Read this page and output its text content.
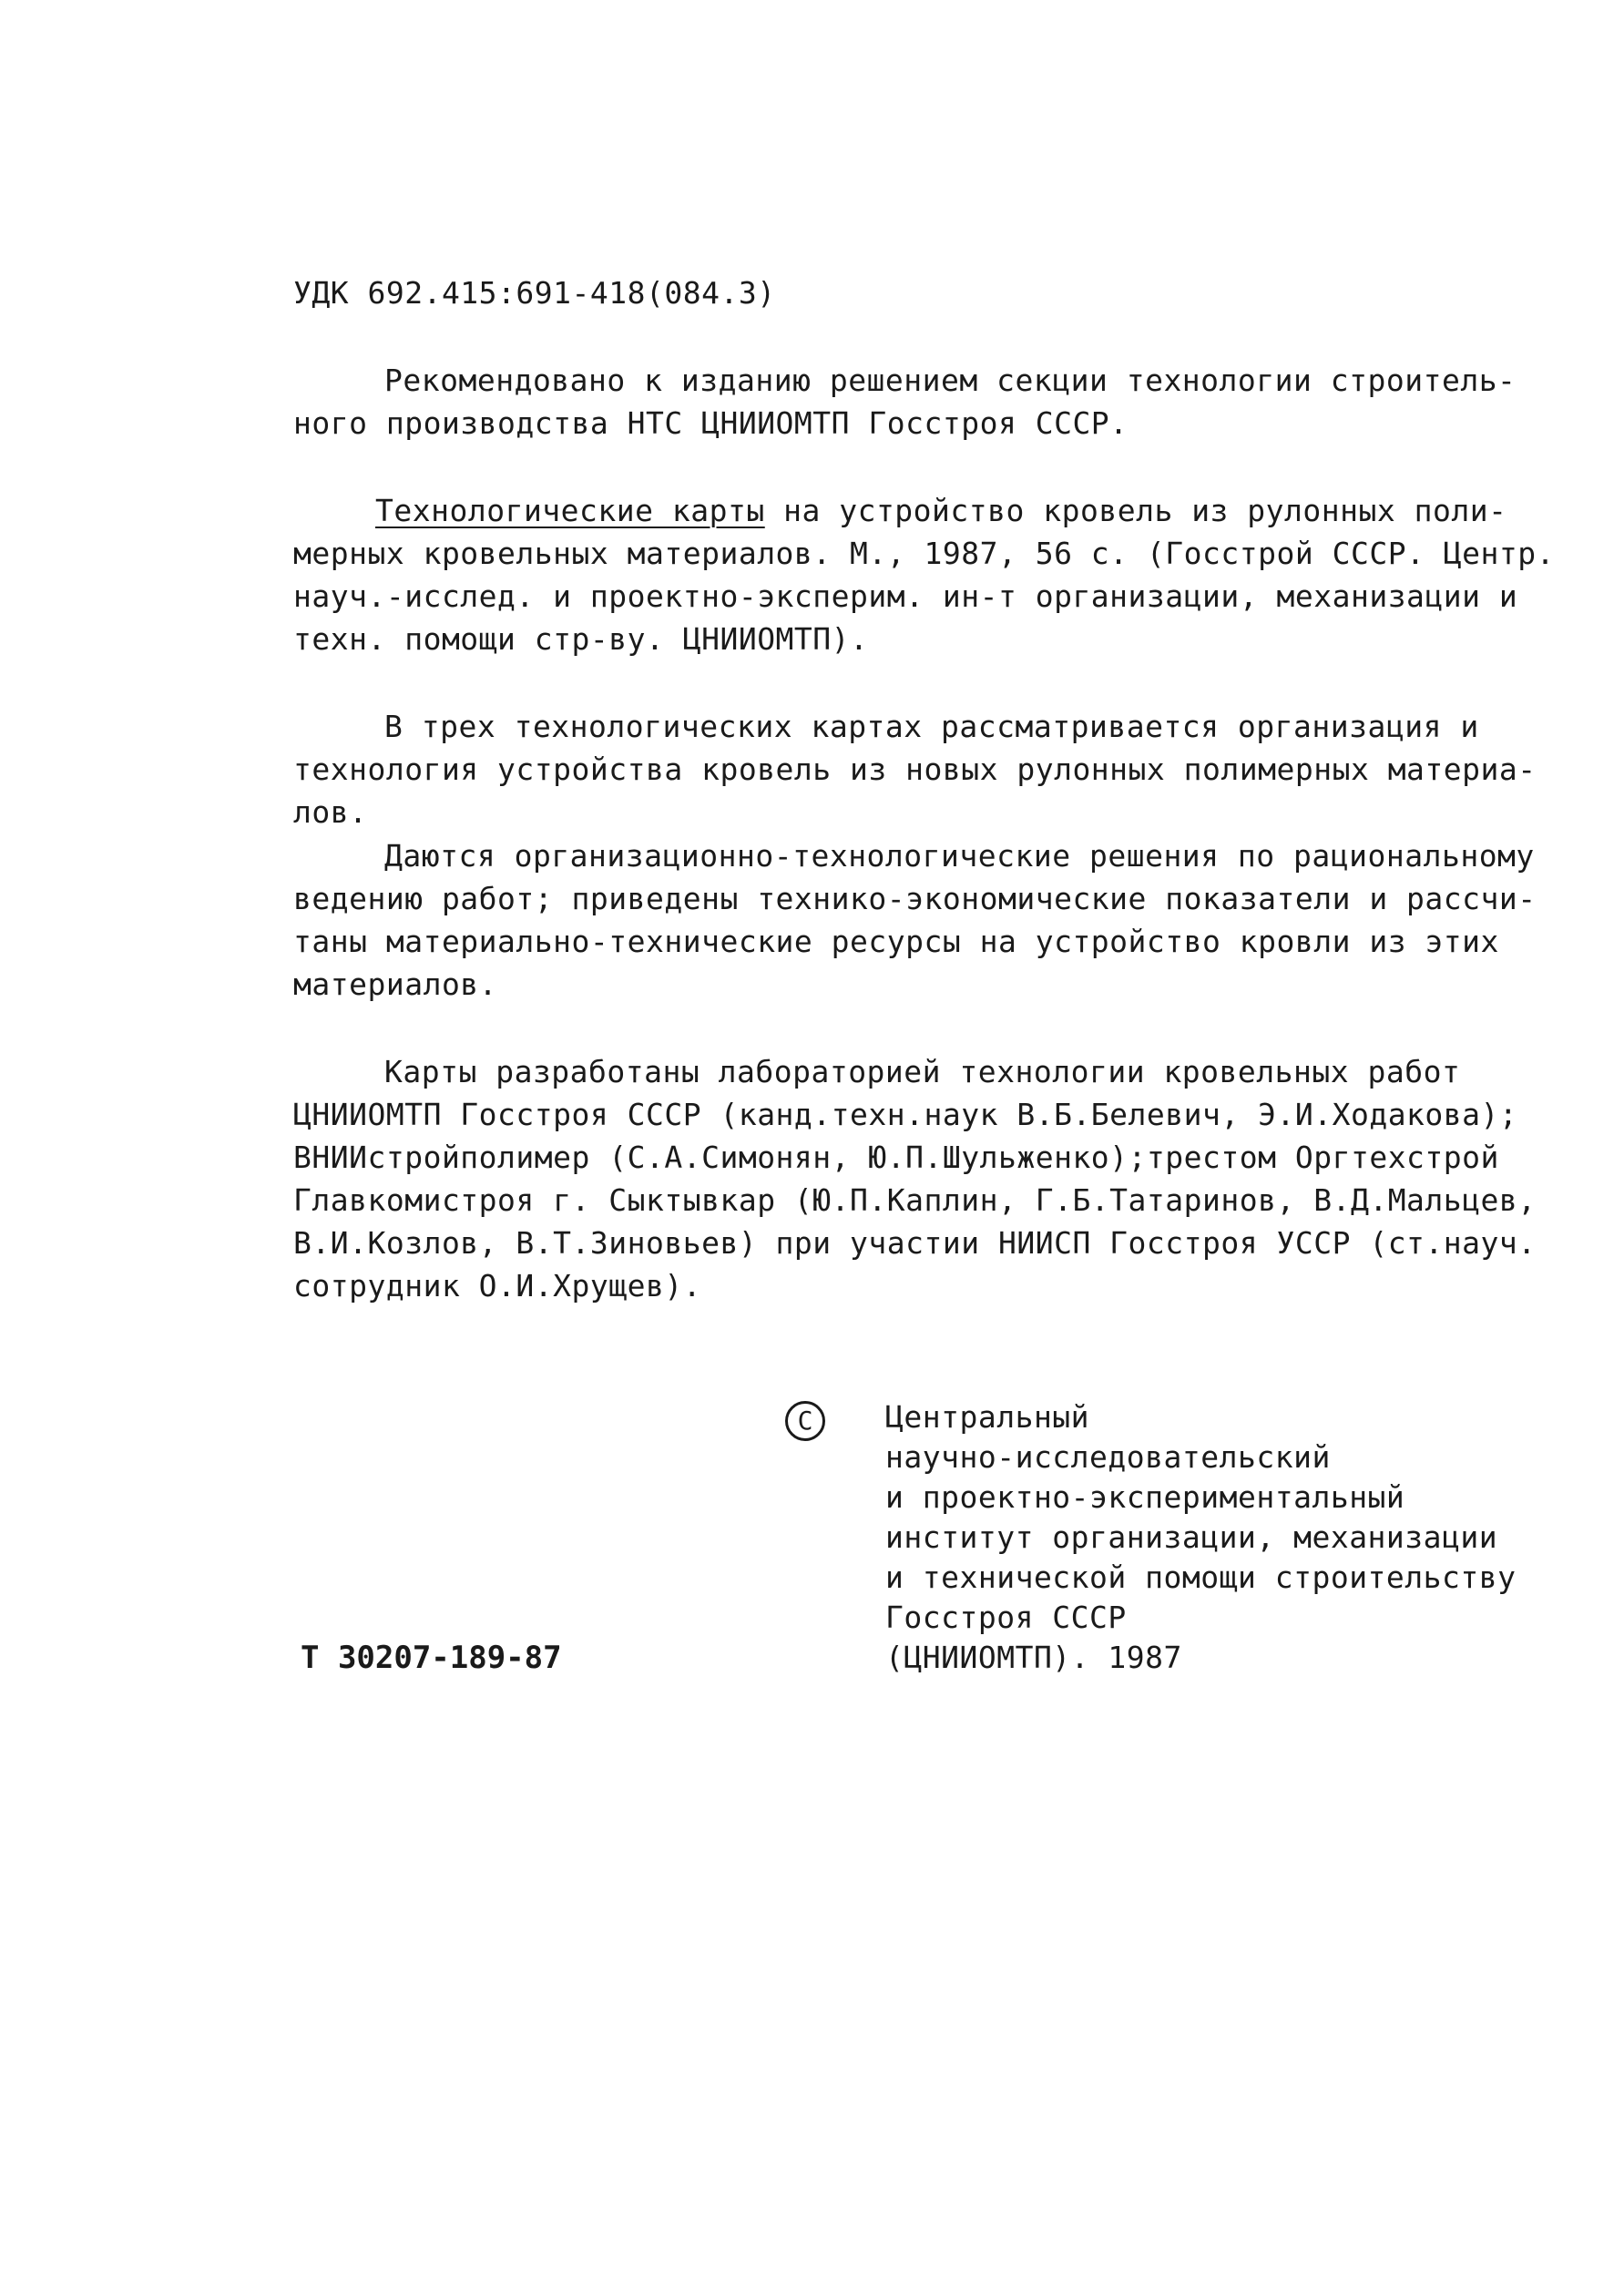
УДК 692.415:691-418(084.3)
Рекомендовано к изданию решением секции технологии строитель-
ного производства НТС ЦНИИОМТП Госстроя СССР.
Технологические карты на устройство кровель из рулонных поли-
мерных кровельных материалов. М., 1987, 56 с. (Госстрой СССР. Центр.
науч.-исслед. и проектно-эксперим. ин-т организации, механизации и
техн. помощи стр-ву. ЦНИИОМТП).
В трех технологических картах рассматривается организация и
технология устройства кровель из новых рулонных полимерных материа-
лов.
Даются организационно-технологические решения по рациональному
ведению работ; приведены технико-экономические показатели и рассчи-
таны материально-технические ресурсы на устройство кровли из этих
материалов.
Карты разработаны лабораторией технологии кровельных работ
ЦНИИОМТП Госстроя СССР (канд.техн.наук В.Б.Белевич, Э.И.Ходакова);
ВНИИстройполимер (С.А.Симонян, Ю.П.Шульженко);трестом Оргтехстрой
Главкомистроя г. Сыктывкар (Ю.П.Каплин, Г.Б.Татаринов, В.Д.Мальцев,
В.И.Козлов, В.Т.Зиновьев) при участии НИИСП Госстроя УССР (ст.науч.
сотрудник О.И.Хрущев).
C	Центральный
научно-исследовательский
и проектно-экспериментальный
институт организации, механизации
и технической помощи строительству
Госстроя СССР
(ЦНИИОМТП). 1987
Т 30207-189-87
